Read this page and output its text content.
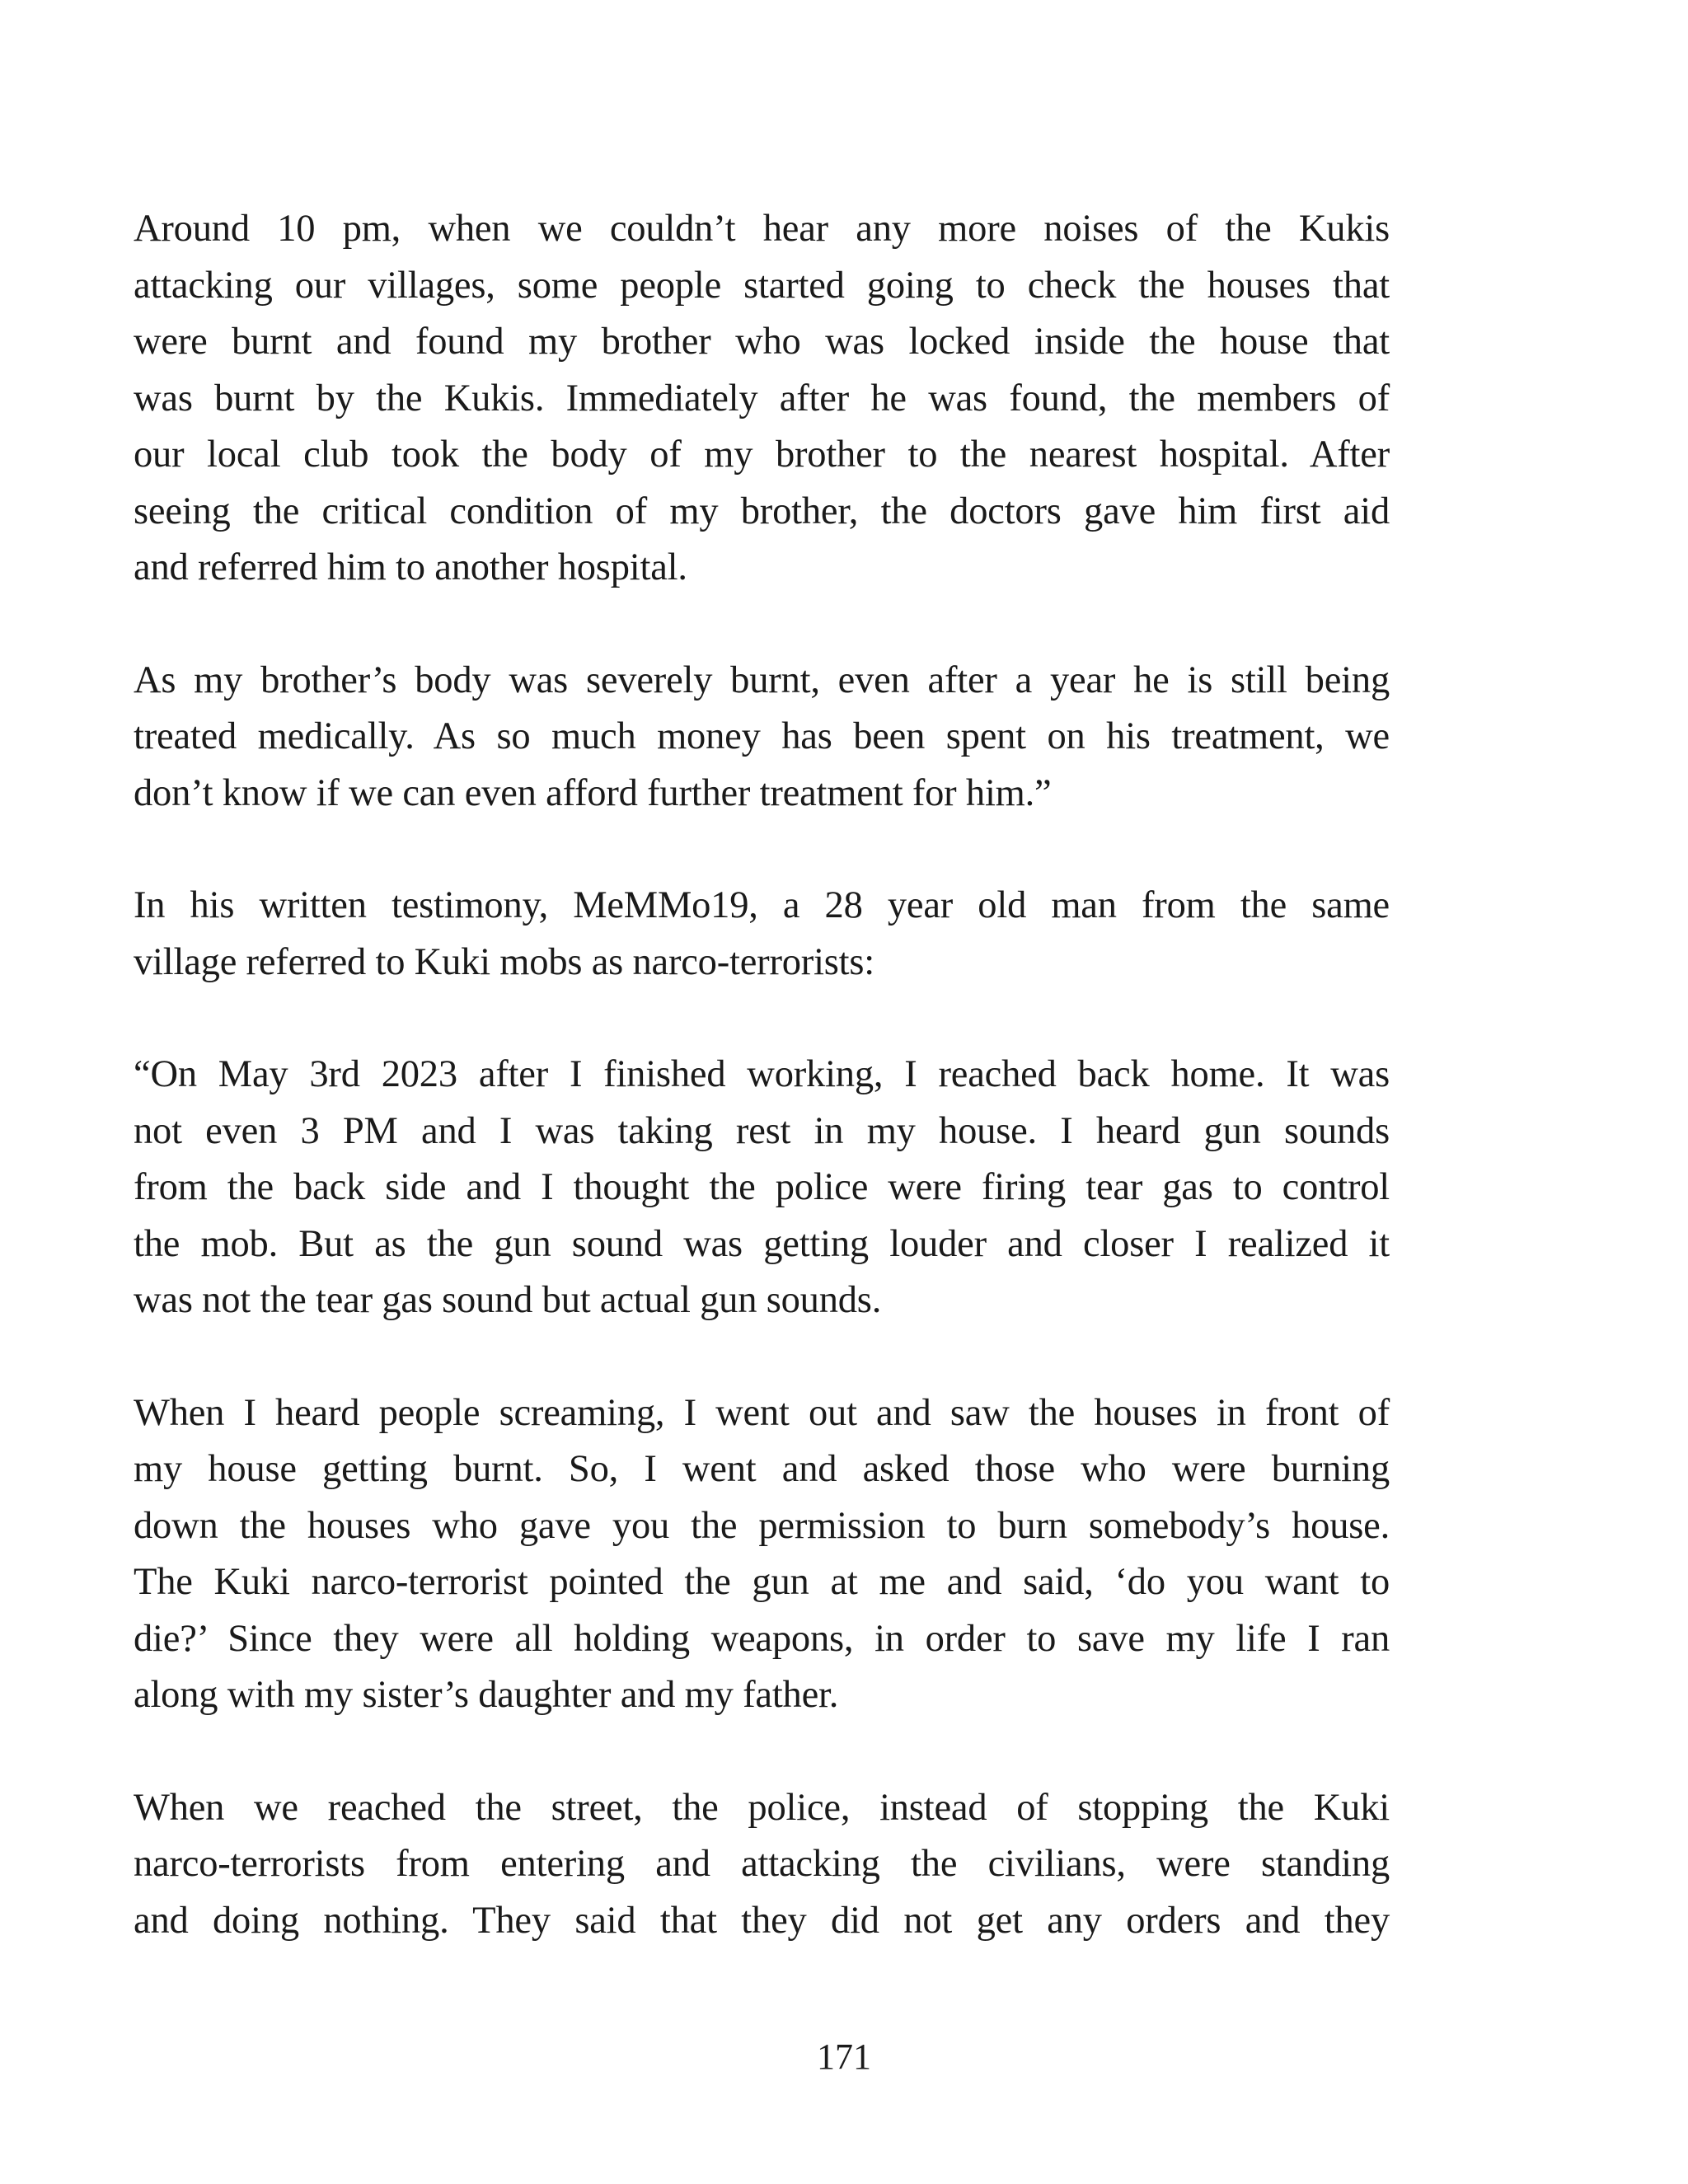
Around 10 pm, when we couldn’t hear any more noises of the Kukis
attacking our villages, some people started going to check the houses that
were burnt and found my brother who was locked inside the house that
was burnt by the Kukis. Immediately after he was found, the members of
our local club took the body of my brother to the nearest hospital. After
seeing the critical condition of my brother, the doctors gave him first aid
and referred him to another hospital.

As my brother’s body was severely burnt, even after a year he is still being
treated medically. As so much money has been spent on his treatment, we
don’t know if we can even afford further treatment for him.”

In his written testimony, MeMMo19, a 28 year old man from the same
village referred to Kuki mobs as narco-terrorists:

“On May 3rd 2023 after I finished working, I reached back home. It was
not even 3 PM and I was taking rest in my house. I heard gun sounds
from the back side and I thought the police were firing tear gas to control
the mob. But as the gun sound was getting louder and closer I realized it
was not the tear gas sound but actual gun sounds.

When I heard people screaming, I went out and saw the houses in front of
my house getting burnt. So, I went and asked those who were burning
down the houses who gave you the permission to burn somebody’s house.
The Kuki narco-terrorist pointed the gun at me and said, ‘do you want to
die?’ Since they were all holding weapons, in order to save my life I ran
along with my sister’s daughter and my father.

When we reached the street, the police, instead of stopping the Kuki
narco-terrorists from entering and attacking the civilians, were standing
and doing nothing. They said that they did not get any orders and they

171
